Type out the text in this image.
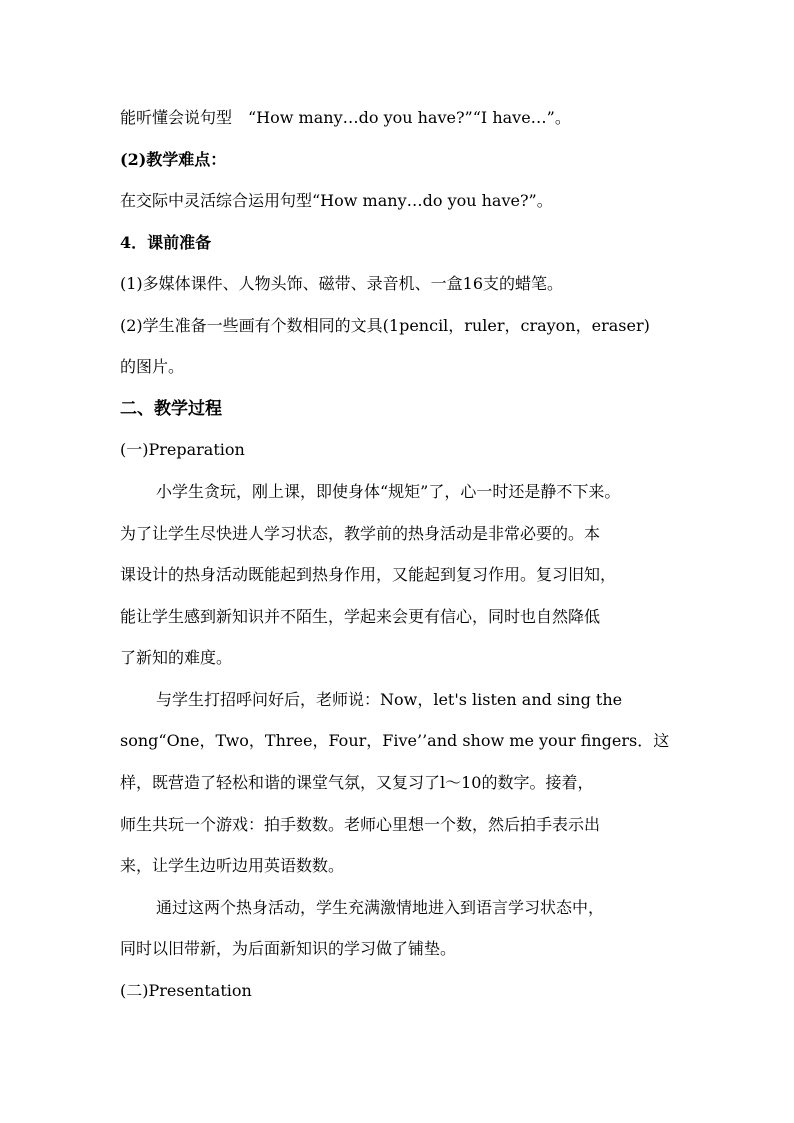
能听懂会说句型　“How many…do you have?”“I have…”。
(2)教学难点：
在交际中灵活综合运用句型“How many…do you have?”。
4．课前准备
(1)多媒体课件、人物头饰、磁带、录音机、一盒16支的蜡笔。
(2)学生准备一些画有个数相同的文具(1pencil，ruler，crayon，eraser)
的图片。
二、教学过程
(一)Preparation
小学生贪玩，刚上课，即使身体“规矩”了，心一时还是静不下来。
为了让学生尽快进人学习状态，教学前的热身活动是非常必要的。本
课设计的热身活动既能起到热身作用，又能起到复习作用。复习旧知，
能让学生感到新知识并不陌生，学起来会更有信心，同时也自然降低
了新知的难度。
与学生打招呼问好后，老师说：Now，let's listen and sing the
song“One，Two，Three，Four，Five’’and show me your fingers．这
样，既营造了轻松和谐的课堂气氛，又复习了l～10的数字。接着，
师生共玩一个游戏：拍手数数。老师心里想一个数，然后拍手表示出
来，让学生边听边用英语数数。
通过这两个热身活动，学生充满激情地进入到语言学习状态中，
同时以旧带新，为后面新知识的学习做了铺垫。
(二)Presentation
